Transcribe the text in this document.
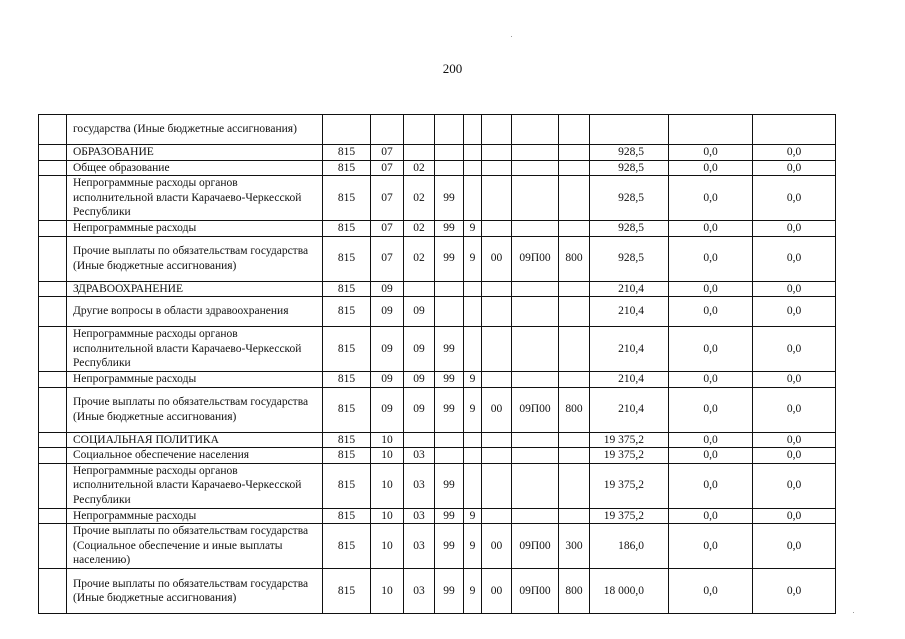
200
	государства (Иные бюджетные ассигнования)											
	ОБРАЗОВАНИЕ	815	07							928,5	0,0	0,0
	Общее образование	815	07	02						928,5	0,0	0,0
	Непрограммные расходы органов исполнительной власти Карачаево-Черкесской Республики	815	07	02	99					928,5	0,0	0,0
	Непрограммные расходы	815	07	02	99	9				928,5	0,0	0,0
	Прочие выплаты по обязательствам государства (Иные бюджетные ассигнования)	815	07	02	99	9	00	09П00	800	928,5	0,0	0,0
	ЗДРАВООХРАНЕНИЕ	815	09							210,4	0,0	0,0
	Другие вопросы в области здравоохранения	815	09	09						210,4	0,0	0,0
	Непрограммные расходы органов исполнительной власти Карачаево-Черкесской Республики	815	09	09	99					210,4	0,0	0,0
	Непрограммные расходы	815	09	09	99	9				210,4	0,0	0,0
	Прочие выплаты по обязательствам государства (Иные бюджетные ассигнования)	815	09	09	99	9	00	09П00	800	210,4	0,0	0,0
	СОЦИАЛЬНАЯ ПОЛИТИКА	815	10							19 375,2	0,0	0,0
	Социальное обеспечение населения	815	10	03						19 375,2	0,0	0,0
	Непрограммные расходы органов исполнительной власти Карачаево-Черкесской Республики	815	10	03	99					19 375,2	0,0	0,0
	Непрограммные расходы	815	10	03	99	9				19 375,2	0,0	0,0
	Прочие выплаты по обязательствам государства (Социальное обеспечение и иные выплаты населению)	815	10	03	99	9	00	09П00	300	186,0	0,0	0,0
	Прочие выплаты по обязательствам государства (Иные бюджетные ассигнования)	815	10	03	99	9	00	09П00	800	18 000,0	0,0	0,0
